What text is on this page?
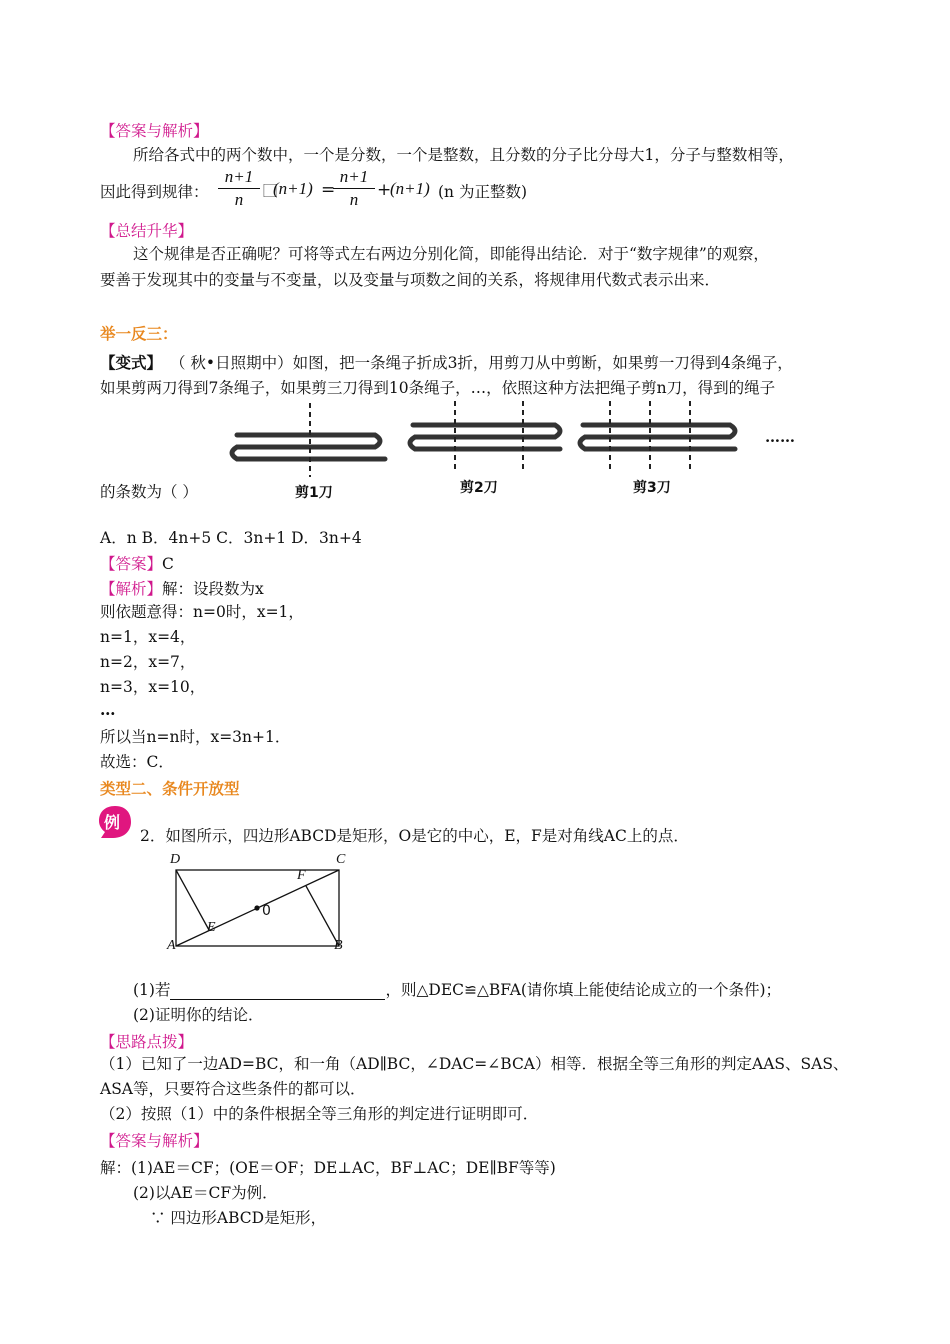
【答案与解析】
所给各式中的两个数中，一个是分数，一个是整数，且分数的分子比分母大1，分子与整数相等，
因此得到规律：
n+1
n	⃞
(n+1) =
n+1
n	+
(n+1) (n 为正整数)
【总结升华】
这个规律是否正确呢？可将等式左右两边分别化简，即能得出结论．对于“数字规律”的观察，
要善于发现其中的变量与不变量，以及变量与项数之间的关系，将规律用代数式表示出来．
举一反三：
【变式】 （ 秋•日照期中）如图，把一条绳子折成3折，用剪刀从中剪断，如果剪一刀得到4条绳子，
如果剪两刀得到7条绳子，如果剪三刀得到10条绳子，…，依照这种方法把绳子剪n刀，得到的绳子
剪1刀	剪2刀	剪3刀
……
的条数为（ ）
A．n B．4n+5 C．3n+1 D．3n+4
【答案】C
【解析】解：设段数为x
则依题意得：n=0时，x=1，
n=1，x=4，
n=2，x=7，
n=3，x=10，
…
所以当n=n时，x=3n+1．
故选：C．
类型二、条件开放型
例
2．如图所示，四边形ABCD是矩形，O是它的中心，E，F是对角线AC上的点．
D	C
A	B
E
F
0
(1)若	，则△DEC≌△BFA(请你填上能使结论成立的一个条件)；
(2)证明你的结论．
【思路点拨】
（1）已知了一边AD=BC，和一角（AD∥BC，∠DAC=∠BCA）相等．根据全等三角形的判定AAS、SAS、
ASA等，只要符合这些条件的都可以．
（2）按照（1）中的条件根据全等三角形的判定进行证明即可．
【答案与解析】
解：(1)AE＝CF；(OE＝OF；DE⊥AC，BF⊥AC；DE∥BF等等)
(2)以AE＝CF为例．
∵ 四边形ABCD是矩形，
